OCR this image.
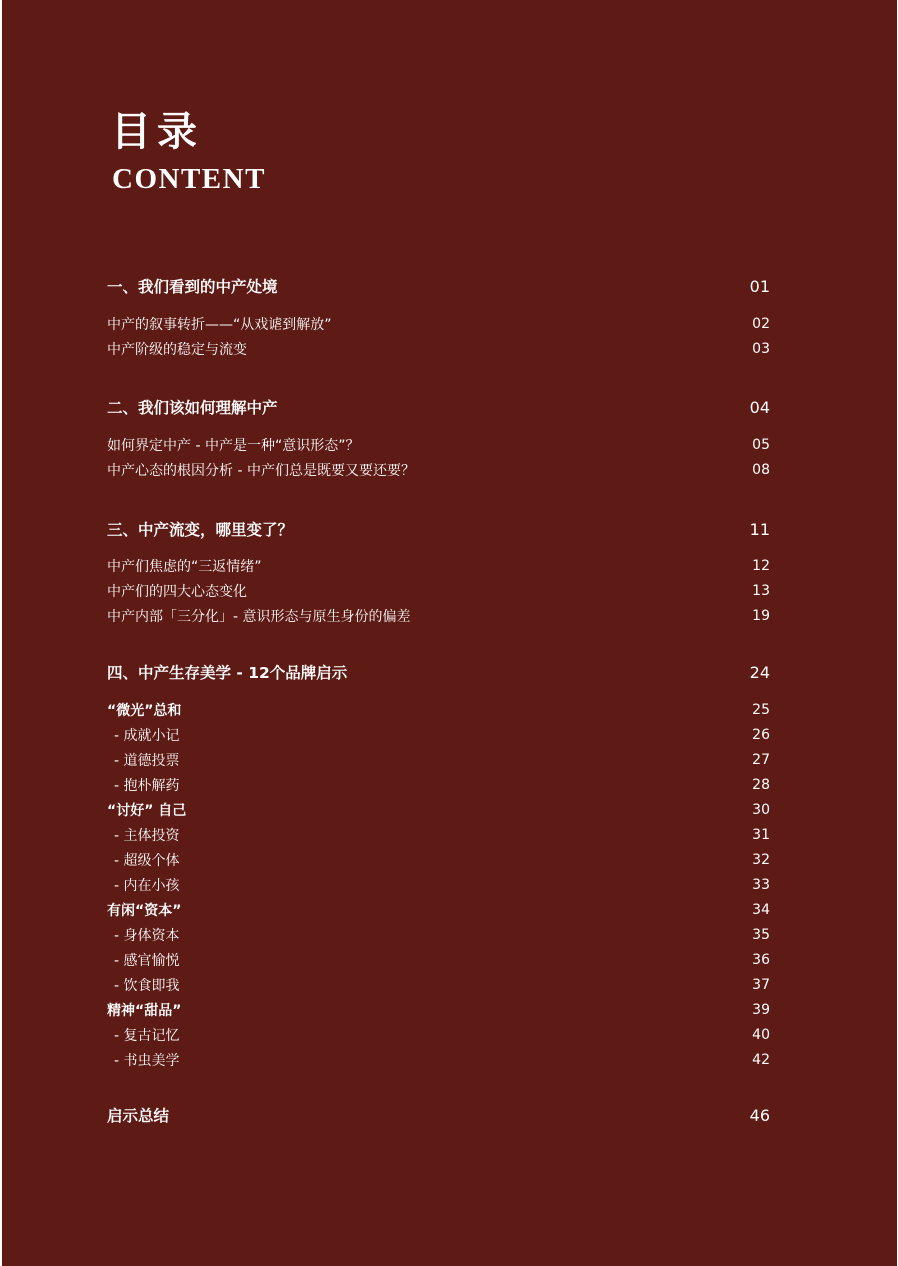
目录
CONTENT
一、我们看到的中产处境	01
中产的叙事转折——“从戏谑到解放”	02
中产阶级的稳定与流变	03
二、我们该如何理解中产	04
如何界定中产 - 中产是一种“意识形态”？	05
中产心态的根因分析 - 中产们总是既要又要还要？	08
三、中产流变，哪里变了？	11
中产们焦虑的“三返情绪”	12
中产们的四大心态变化	13
中产内部「三分化」- 意识形态与原生身份的偏差	19
四、中产生存美学 - 12个品牌启示	24
“微光”总和	25
- 成就小记	26
- 道德投票	27
- 抱朴解药	28
“讨好” 自己	30
- 主体投资	31
- 超级个体	32
- 内在小孩	33
有闲“资本”	34
- 身体资本	35
- 感官愉悦	36
- 饮食即我	37
精神“甜品”	39
- 复古记忆	40
- 书虫美学	42
启示总结	46
